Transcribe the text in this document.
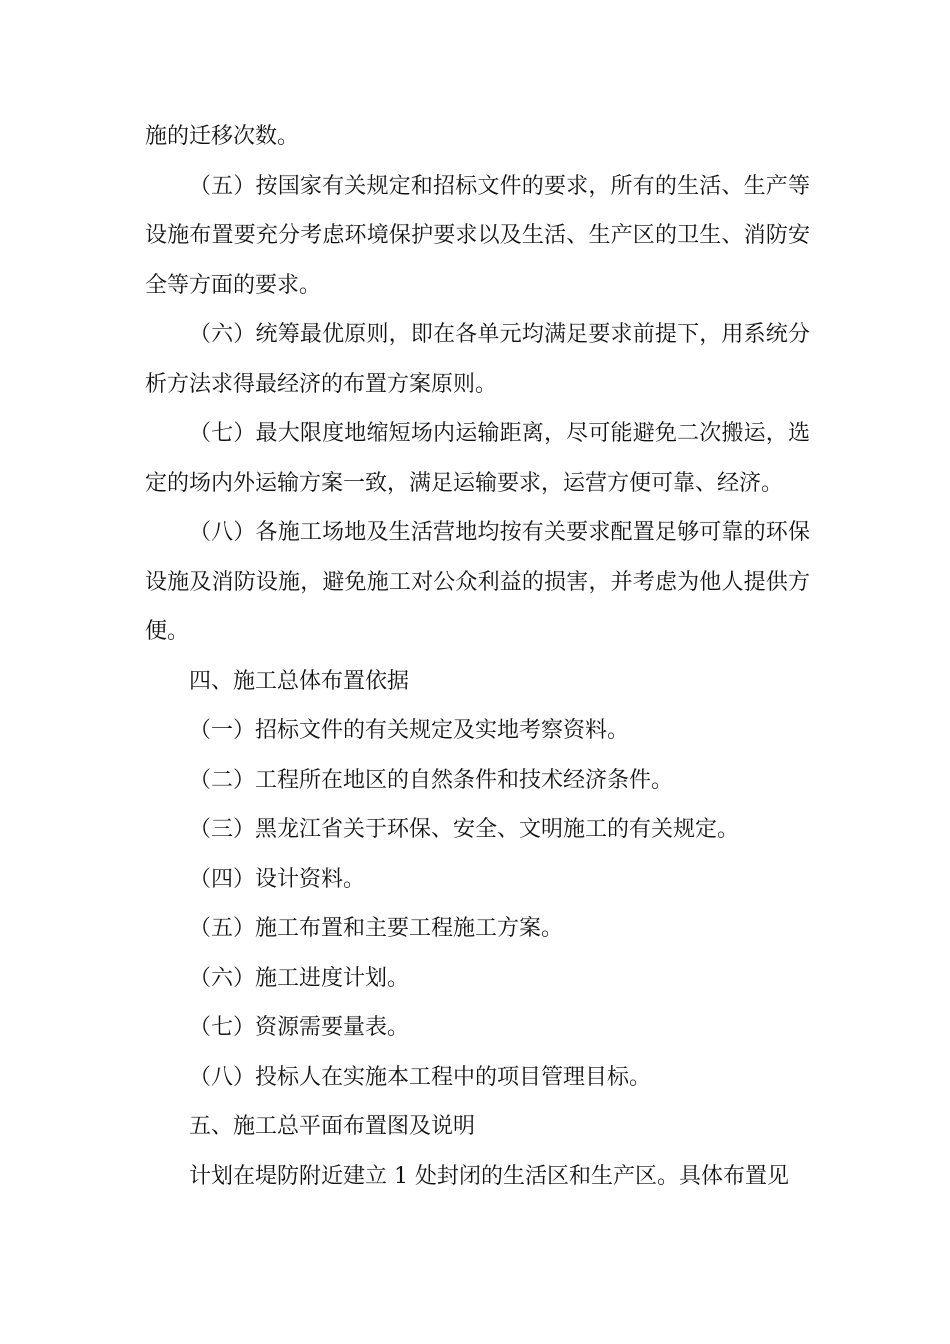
施的迁移次数。

（五）按国家有关规定和招标文件的要求，所有的生活、生产等设施布置要充分考虑环境保护要求以及生活、生产区的卫生、消防安全等方面的要求。

（六）统筹最优原则，即在各单元均满足要求前提下，用系统分析方法求得最经济的布置方案原则。

（七）最大限度地缩短场内运输距离，尽可能避免二次搬运，选定的场内外运输方案一致，满足运输要求，运营方便可靠、经济。

（八）各施工场地及生活营地均按有关要求配置足够可靠的环保设施及消防设施，避免施工对公众利益的损害，并考虑为他人提供方便。

四、施工总体布置依据

（一）招标文件的有关规定及实地考察资料。

（二）工程所在地区的自然条件和技术经济条件。

（三）黑龙江省关于环保、安全、文明施工的有关规定。

（四）设计资料。

（五）施工布置和主要工程施工方案。

（六）施工进度计划。

（七）资源需要量表。

（八）投标人在实施本工程中的项目管理目标。

五、施工总平面布置图及说明

计划在堤防附近建立 1 处封闭的生活区和生产区。具体布置见
